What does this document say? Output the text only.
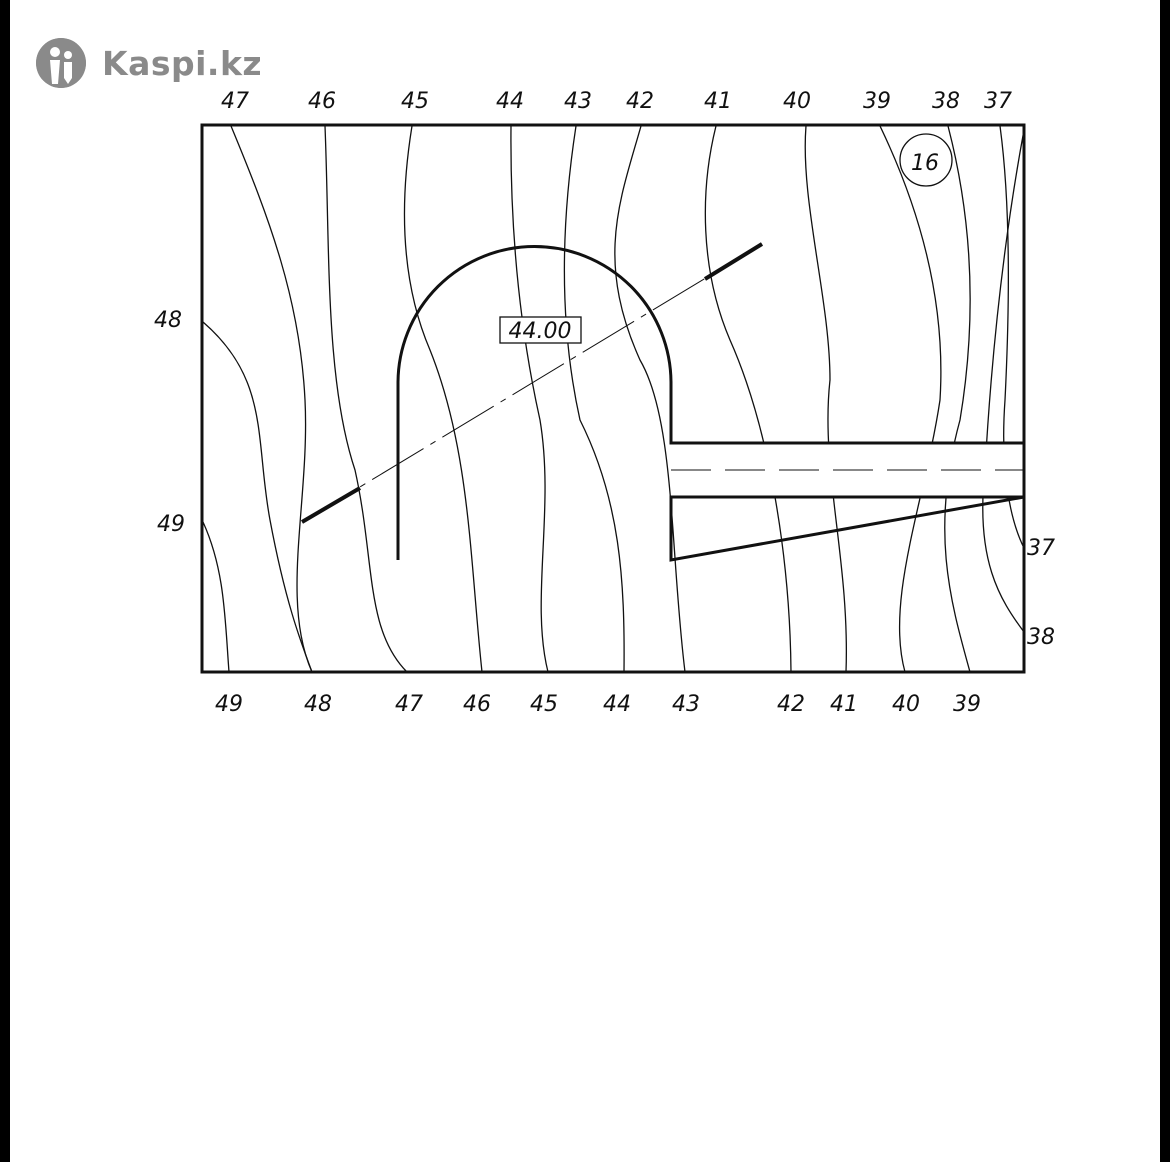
Kaspi.kz
44.00
16
47	46	45	44 43 42 41 40 39 38 37
49	48	47 46 45 44 43	42 41 40 39
48
49
37
38
